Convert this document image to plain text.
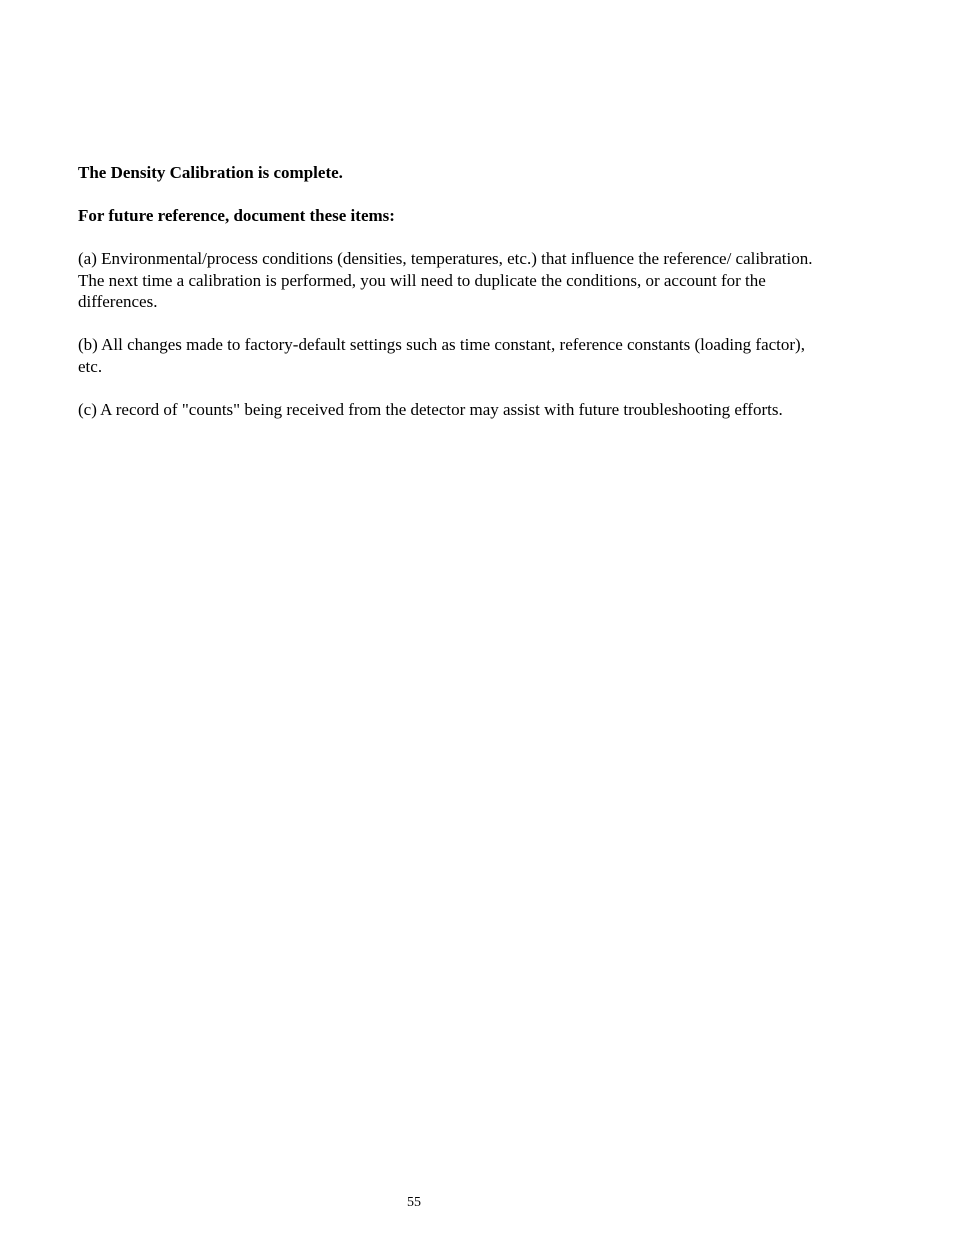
The Density Calibration is complete.

For future reference, document these items:

(a) Environmental/process conditions (densities, temperatures, etc.) that influence the reference/ calibration.
The next time a calibration is performed, you will need to duplicate the conditions, or account for the
differences.

(b) All changes made to factory-default settings such as time constant, reference constants (loading factor),
etc.

(c) A record of "counts" being received from the detector may assist with future troubleshooting efforts.

55
